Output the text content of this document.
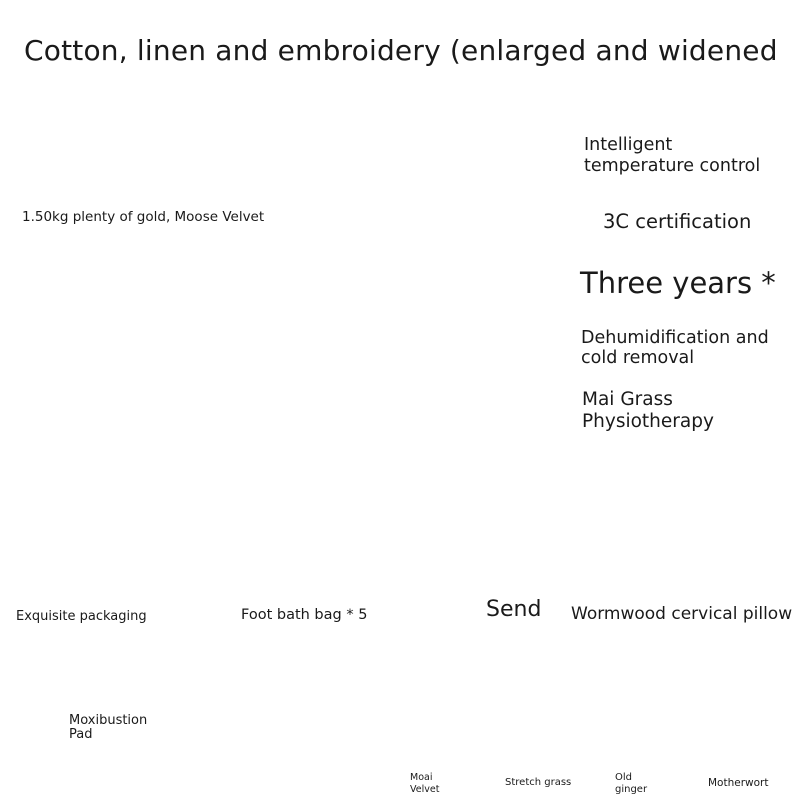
Cotton, linen and embroidery (enlarged and widened
Intelligent
temperature control
1.50kg plenty of gold, Moose Velvet	3C certification
Three years *
Dehumidification and
cold removal
Mai Grass
Physiotherapy
Exquisite packaging	Foot bath bag * 5	Send Wormwood cervical pillow
Moxibustion
Pad
Moai
Velvet
Stretch grass	Old
ginger
Motherwort
